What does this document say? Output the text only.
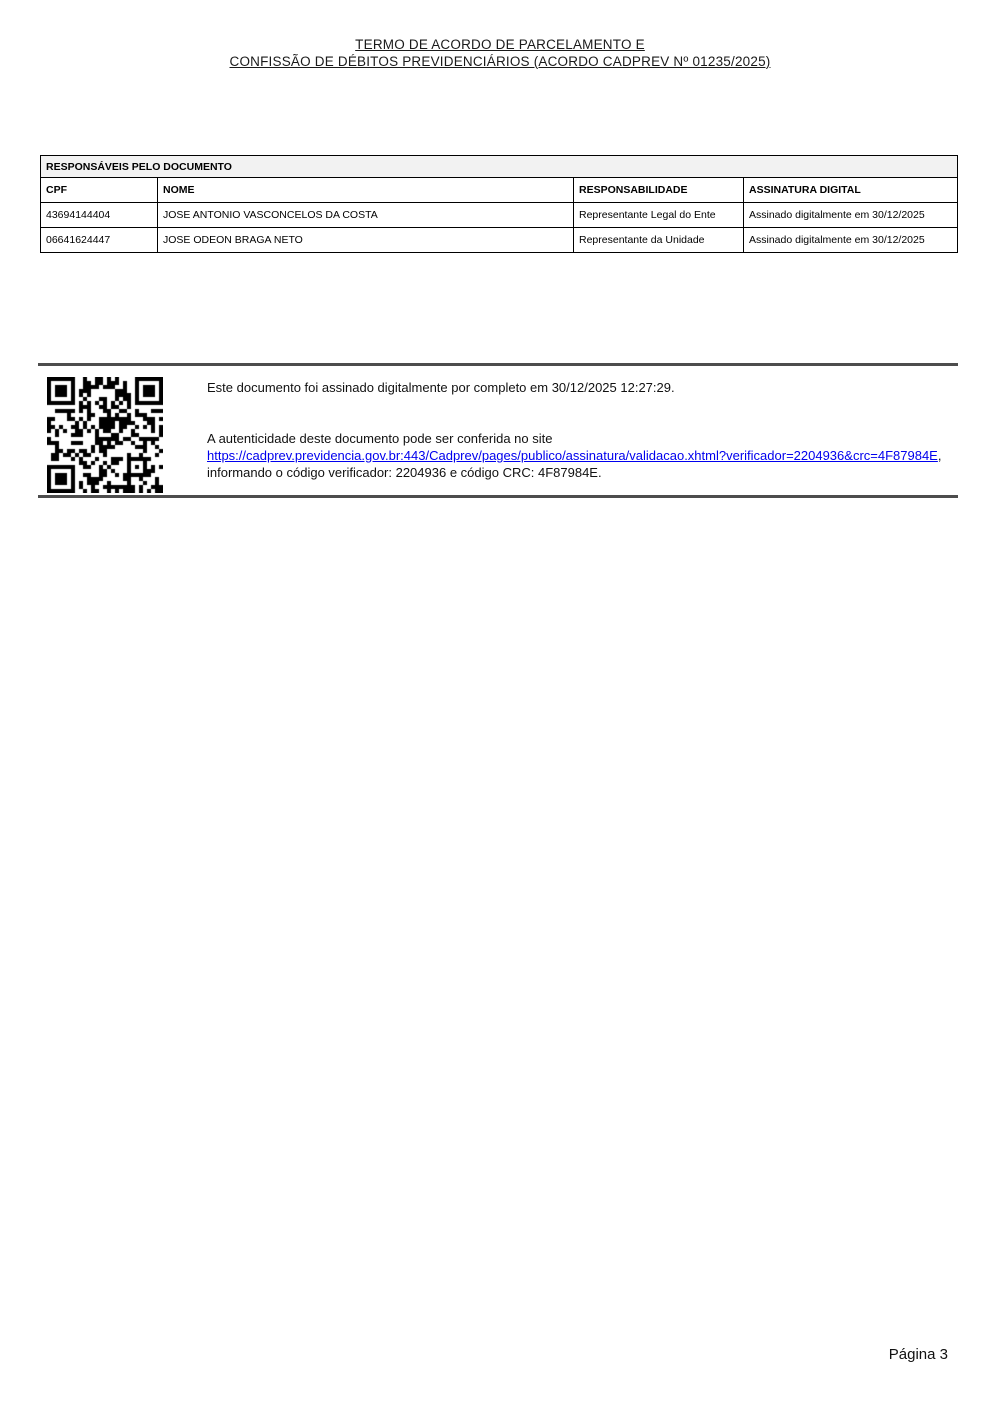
TERMO DE ACORDO DE PARCELAMENTO E
CONFISSÃO DE DÉBITOS PREVIDENCIÁRIOS (ACORDO CADPREV Nº 01235/2025)
RESPONSÁVEIS PELO DOCUMENTO			
CPF	NOME	RESPONSABILIDADE	ASSINATURA DIGITAL
43694144404	JOSE ANTONIO VASCONCELOS DA COSTA	Representante Legal do Ente	Assinado digitalmente em 30/12/2025
06641624447	JOSE ODEON BRAGA NETO	Representante da Unidade	Assinado digitalmente em 30/12/2025
Este documento foi assinado digitalmente por completo em 30/12/2025 12:27:29.
A autenticidade deste documento pode ser conferida no site
https://cadprev.previdencia.gov.br:443/Cadprev/pages/publico/assinatura/validacao.xhtml?verificador=2204936&crc=4F87984E, informando o código verificador: 2204936 e código CRC: 4F87984E.
Página 3
